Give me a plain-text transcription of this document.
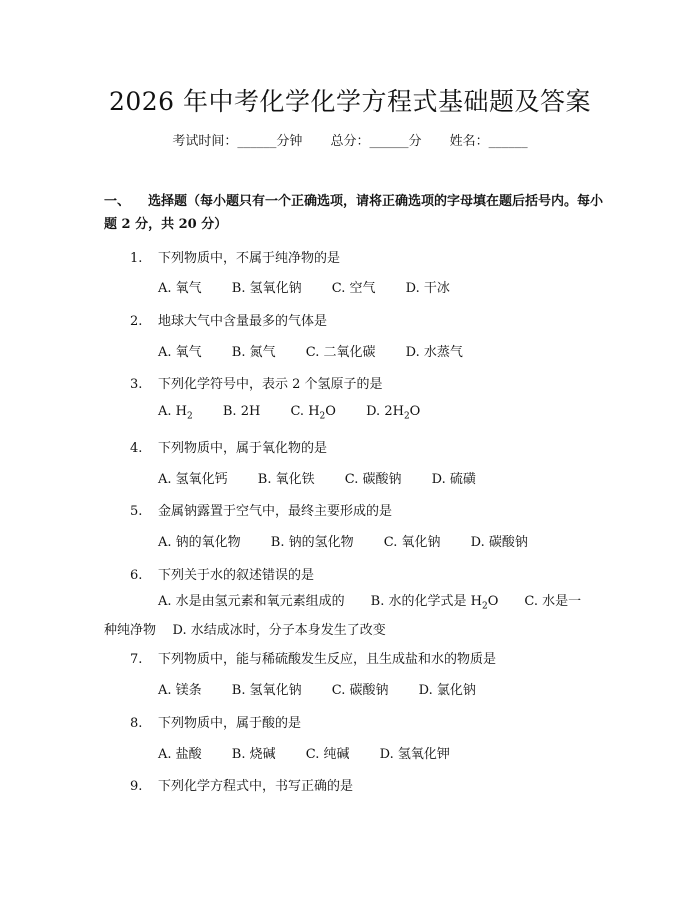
2026 年中考化学化学方程式基础题及答案
考试时间：______分钟 总分：______分 姓名：______
一、 选择题（每小题只有一个正确选项，请将正确选项的字母填在题后括号内。每小题 2 分，共 20 分）
1. 下列物质中，不属于纯净物的是
A. 氧气 B. 氢氧化钠 C. 空气 D. 干冰
2. 地球大气中含量最多的气体是
A. 氧气 B. 氮气 C. 二氧化碳 D. 水蒸气
3. 下列化学符号中，表示 2 个氢原子的是
A. $H_2$ B. 2H C. $H_2O$ D. $2H_2O$
4. 下列物质中，属于氧化物的是
A. 氢氧化钙 B. 氧化铁 C. 碳酸钠 D. 硫磺
5. 金属钠露置于空气中，最终主要形成的是
A. 钠的氧化物 B. 钠的氢化物 C. 氧化钠 D. 碳酸钠
6. 下列关于水的叙述错误的是
A. 水是由氢元素和氧元素组成的 B. 水的化学式是 $H_2O$ C. 水是一种纯净物 D. 水结成冰时，分子本身发生了改变
7. 下列物质中，能与稀硫酸发生反应，且生成盐和水的物质是
A. 镁条 B. 氢氧化钠 C. 碳酸钠 D. 氯化钠
8. 下列物质中，属于酸的是
A. 盐酸 B. 烧碱 C. 纯碱 D. 氢氧化钾
9. 下列化学方程式中，书写正确的是
